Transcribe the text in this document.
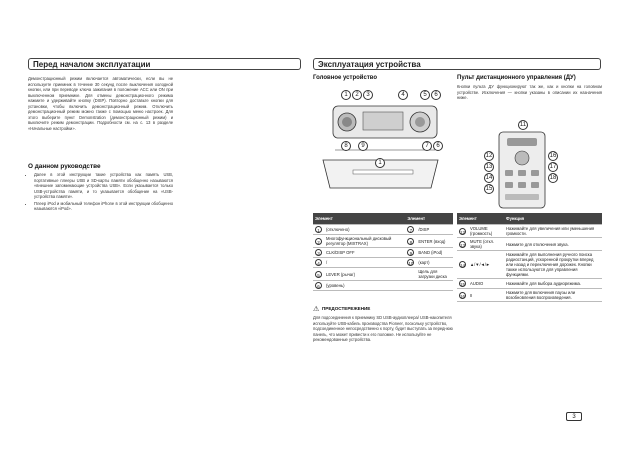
Перед началом эксплуатации
Демонстрационный режим включается автоматически, если вы не используете приемник в течение 30 секунд после выключения холодной кнопки, или при переводе ключа зажигания в положение ACC или ON при выключенном приемнике. Для отмены демонстрационного режима нажмите и удерживайте кнопку (DISP). Повторно доставьте кнопки для установки, чтобы включить демонстрационный режим. Отключить демонстрационный режим можно также с помощью меню настроек. Для этого выберите пункт Demonstration (демонстрационный режим) и выключите режим демонстрации. Подробности см. на с. 13 в разделе «Начальные настройки».
О данном руководстве
• Далее в этой инструкции такие устройства как память USB, портативные плееры USB и SD-карты памяти обобщенно называются «внешние запоминающие устройства USB». Если указывается только USB-устройства памяти, и то указывается обобщение на «USB-устройства памяти».
• Плеер iPod и мобильный телефон iPhone в этой инструкции обобщенно называются «iPod».
Эксплуатация устройства
Головное устройство	Пульт дистанционного управления (ДУ)
Кнопки пульта ДУ функционируют так же, как и кнопки на головном устройстве. Исключения — кнопки указаны в описании их назначения ниже.
1	2	3	4	5	6
8	9	7	6
1
11
12
13
14
15
16
17
18
Элемент		Элемент	
1	(отключено)	7	/DISP
2	Многофункциональный дисковый регулятор (MIXTRAX)	8	ENTER (вход)
3	CLK/DISP OFF	9	BAND (iPod)
4	/	10	(карт)
5	LEVER (рычаг)		Щель для загрузки диска
6	(уровень)		
⚠ ПРЕДОСТЕРЕЖЕНИЕ
Для подсоединения к приемнику SD USB-аудиоплеера/ USB-накопителя используйте USB-кабель производства Pioneer, поскольку устройство, подсоединенное непосредственно к порту, будет выступать за переднюю панель, что может привести к его поломке. Не используйте не рекомендованные устройства.
Элемент		Функция
12	VOLUME (громкость)	Нажимайте для увеличения или уменьшения громкости.
13	MUTE (откл. звука)	Нажмите для отключения звука.
14	▲/▼/◄/►	Нажимайте для выполнения ручного поиска радиостанций, ускоренной прокрутки вперед или назад и переключения дорожек. Кнопки также используются для управления функциями.
15	AUDIO	Нажимайте для выбора аудиорежима.
16	II	Нажмите для включения паузы или возобновления воспроизведения.
3
